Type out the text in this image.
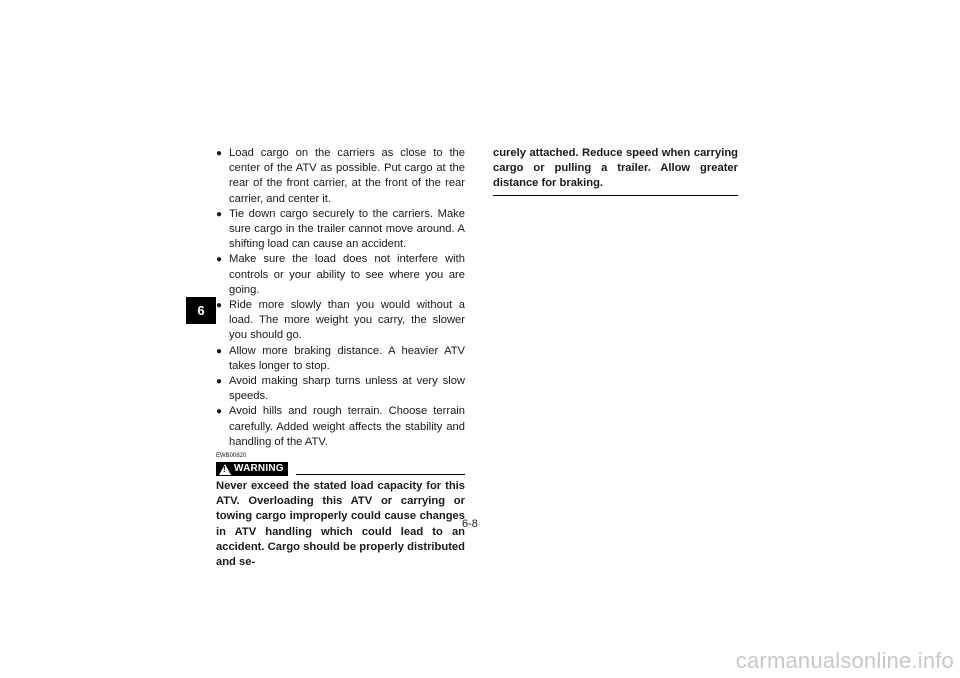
6
● Load cargo on the carriers as close to the center of the ATV as possible. Put cargo at the rear of the front carrier, at the front of the rear carrier, and center it.
● Tie down cargo securely to the carriers. Make sure cargo in the trailer cannot move around. A shifting load can cause an accident.
● Make sure the load does not interfere with controls or your ability to see where you are going.
● Ride more slowly than you would without a load. The more weight you carry, the slower you should go.
● Allow more braking distance. A heavier ATV takes longer to stop.
● Avoid making sharp turns unless at very slow speeds.
● Avoid hills and rough terrain. Choose terrain carefully. Added weight affects the stability and handling of the ATV.
EWB00820
! WARNING
Never exceed the stated load capacity for this ATV. Overloading this ATV or carrying or towing cargo improperly could cause changes in ATV handling which could lead to an accident. Cargo should be properly distributed and se-
curely attached. Reduce speed when carrying cargo or pulling a trailer. Allow greater distance for braking.
6-8
carmanualsonline.info
